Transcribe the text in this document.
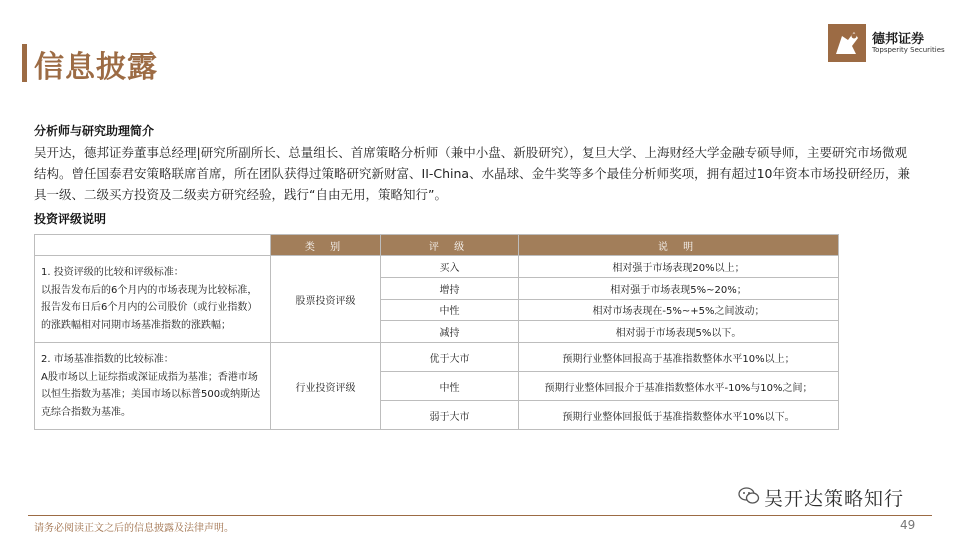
信息披露
德邦证券
Topsperity Securities
分析师与研究助理简介
吴开达，德邦证券董事总经理|研究所副所长、总量组长、首席策略分析师（兼中小盘、新股研究），复旦大学、上海财经大学金融专硕导师，主要研究市场微观结构。曾任国泰君安策略联席首席，所在团队获得过策略研究新财富、II-China、水晶球、金牛奖等多个最佳分析师奖项，拥有超过10年资本市场投研经历，兼具一级、二级买方投资及二级卖方研究经验，践行“自由无用，策略知行”。
投资评级说明
	类 别	评 级	说 明

1. 投资评级的比较和评级标准：
以报告发布后的6个月内的市场表现为比较标准，报告发布日后6个月内的公司股价（或行业指数）的涨跌幅相对同期市场基准指数的涨跌幅；	股票投资评级	买入	相对强于市场表现20%以上；
		增持	相对强于市场表现5%~20%；
		中性	相对市场表现在-5%~+5%之间波动；
		减持	相对弱于市场表现5%以下。

2. 市场基准指数的比较标准：
A股市场以上证综指或深证成指为基准；香港市场以恒生指数为基准；美国市场以标普500或纳斯达克综合指数为基准。	行业投资评级	优于大市	预期行业整体回报高于基准指数整体水平10%以上；
		中性	预期行业整体回报介于基准指数整体水平-10%与10%之间；
		弱于大市	预期行业整体回报低于基准指数整体水平10%以下。
吴开达策略知行
请务必阅读正文之后的信息披露及法律声明。	49
